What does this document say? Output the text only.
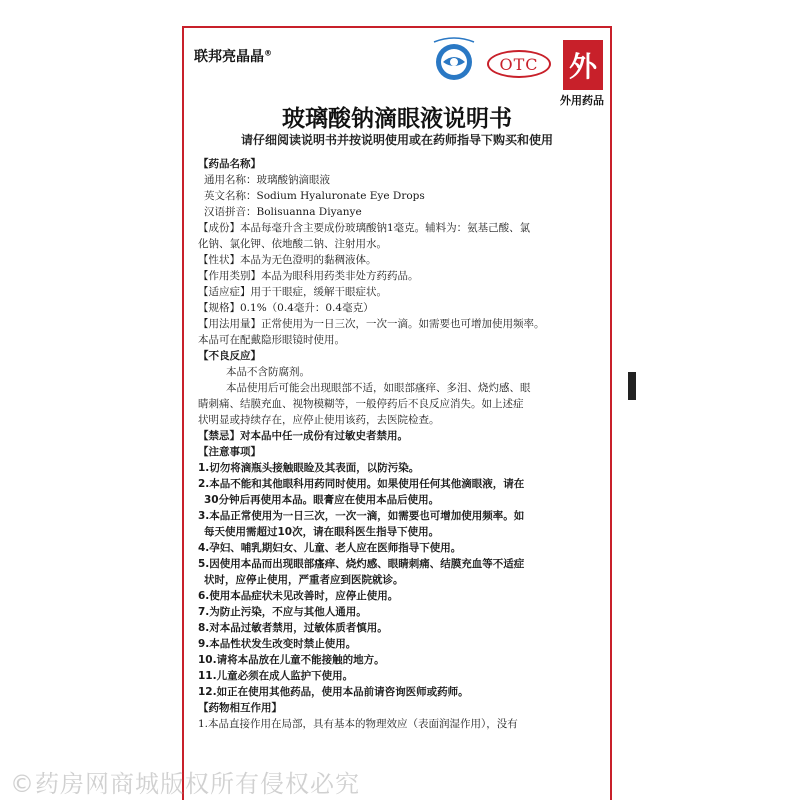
联邦亮晶晶®
OTC 外
外用药品
玻璃酸钠滴眼液说明书
请仔细阅读说明书并按说明使用或在药师指导下购买和使用
【药品名称】
通用名称：玻璃酸钠滴眼液
英文名称：Sodium Hyaluronate Eye Drops
汉语拼音：Bolisuanna Diyanye
【成份】本品每毫升含主要成份玻璃酸钠1毫克。辅料为：氨基己酸、氯
化钠、氯化钾、依地酸二钠、注射用水。
【性状】本品为无色澄明的黏稠液体。
【作用类别】本品为眼科用药类非处方药药品。
【适应症】用于干眼症，缓解干眼症状。
【规格】0.1%（0.4毫升：0.4毫克）
【用法用量】正常使用为一日三次，一次一滴。如需要也可增加使用频率。
本品可在配戴隐形眼镜时使用。
【不良反应】
本品不含防腐剂。
本品使用后可能会出现眼部不适，如眼部瘙痒、多泪、烧灼感、眼
睛刺痛、结膜充血、视物模糊等，一般停药后不良反应消失。如上述症
状明显或持续存在，应停止使用该药，去医院检查。
【禁忌】对本品中任一成份有过敏史者禁用。
【注意事项】
1.切勿将滴瓶头接触眼睑及其表面，以防污染。
2.本品不能和其他眼科用药同时使用。如果使用任何其他滴眼液，请在
30分钟后再使用本品。眼膏应在使用本品后使用。
3.本品正常使用为一日三次，一次一滴，如需要也可增加使用频率。如
每天使用需超过10次，请在眼科医生指导下使用。
4.孕妇、哺乳期妇女、儿童、老人应在医师指导下使用。
5.因使用本品而出现眼部瘙痒、烧灼感、眼睛刺痛、结膜充血等不适症
状时，应停止使用，严重者应到医院就诊。
6.使用本品症状未见改善时，应停止使用。
7.为防止污染，不应与其他人通用。
8.对本品过敏者禁用，过敏体质者慎用。
9.本品性状发生改变时禁止使用。
10.请将本品放在儿童不能接触的地方。
11.儿童必须在成人监护下使用。
12.如正在使用其他药品，使用本品前请咨询医师或药师。
【药物相互作用】
1.本品直接作用在局部，具有基本的物理效应（表面润湿作用），没有
©药房网商城版权所有侵权必究
